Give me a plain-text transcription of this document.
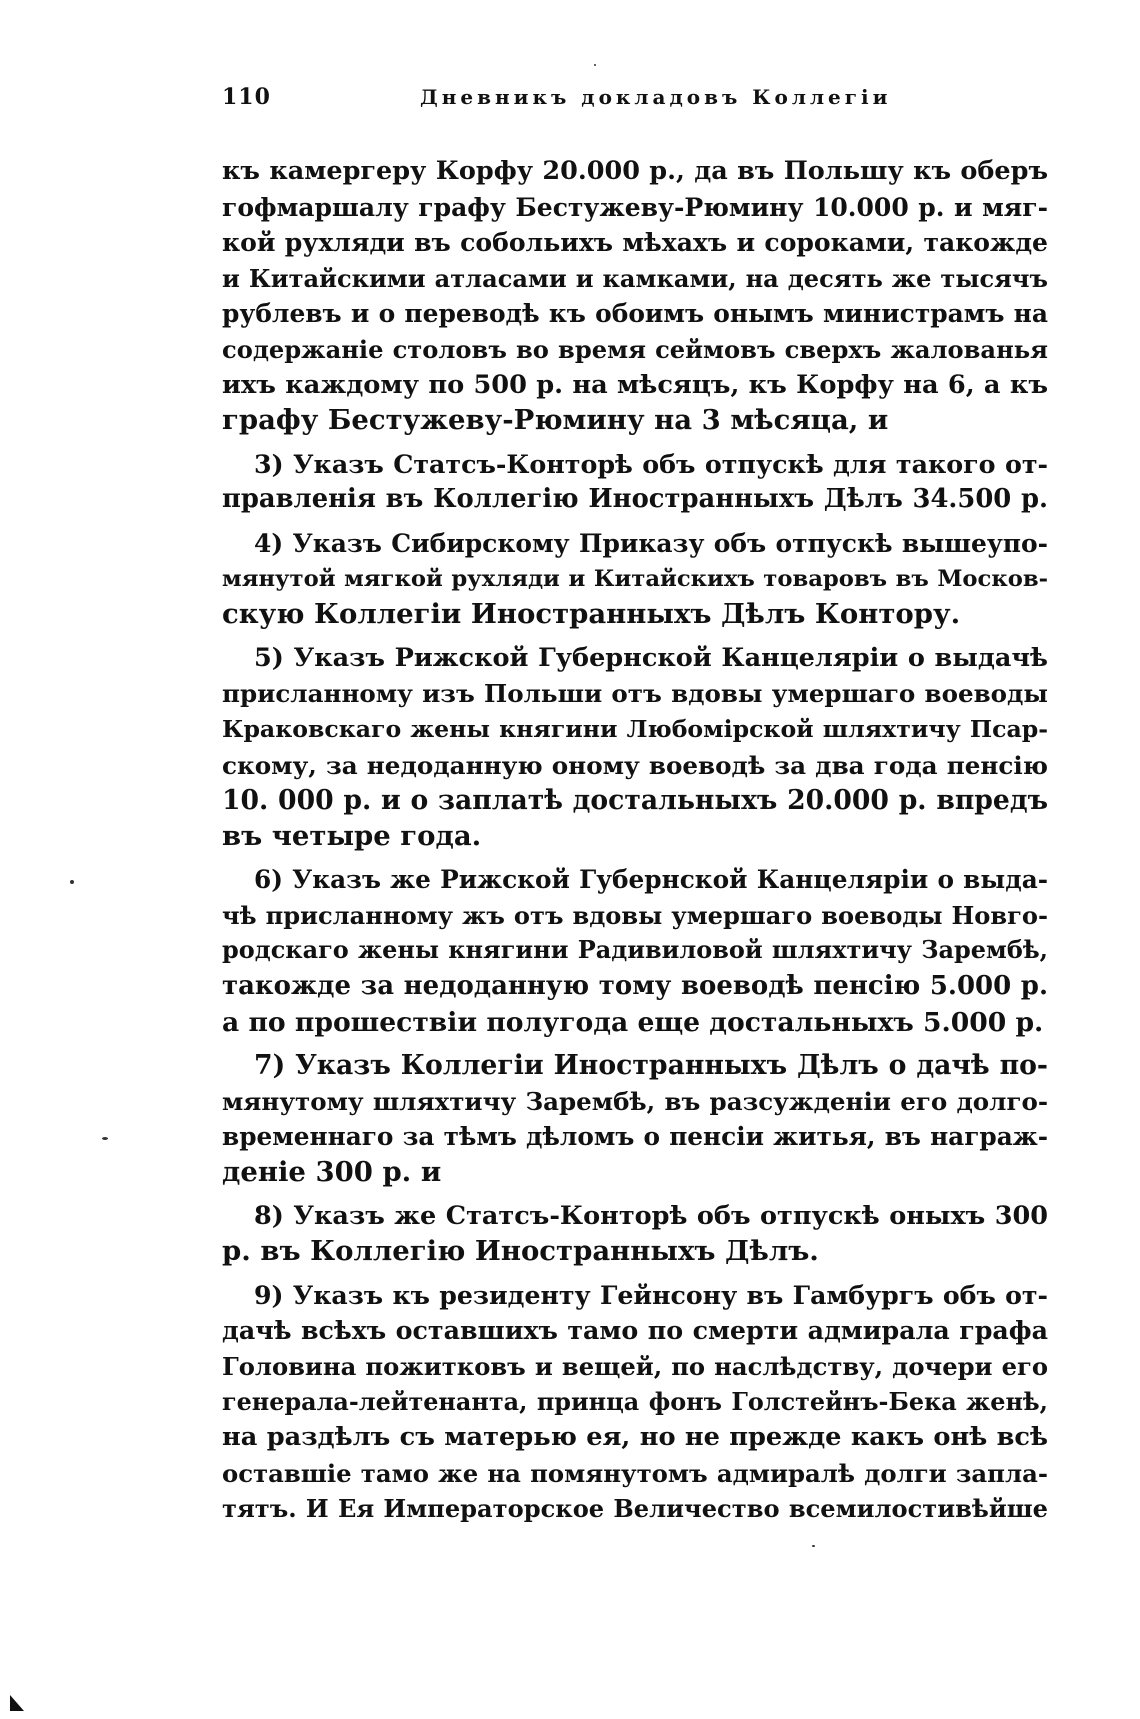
110	Дневникъ докладовъ Коллегіи

къ камергеру Корфу 20.000 р., да въ Польшу къ оберъ
гофмаршалу графу Бестужеву-Рюмину 10.000 р. и мяг-
кой рухляди въ собольихъ мѣхахъ и сороками, такожде
и Китайскими атласами и камками, на десять же тысячъ
рублевъ и о переводѣ къ обоимъ онымъ министрамъ на
содержаніе столовъ во время сеймовъ сверхъ жалованья
ихъ каждому по 500 р. на мѣсяцъ, къ Корфу на 6, а къ
графу Бестужеву-Рюмину на 3 мѣсяца, и

3) Указъ Статсъ-Конторѣ объ отпускѣ для такого от-
правленія въ Коллегію Иностранныхъ Дѣлъ 34.500 р.

4) Указъ Сибирскому Приказу объ отпускѣ вышеупо-
мянутой мягкой рухляди и Китайскихъ товаровъ въ Москов-
скую Коллегіи Иностранныхъ Дѣлъ Контору.

5) Указъ Рижской Губернской Канцеляріи о выдачѣ
присланному изъ Польши отъ вдовы умершаго воеводы
Краковскаго жены княгини Любомірской шляхтичу Псар-
скому, за недоданную оному воеводѣ за два года пенсію
10. 000 р. и о заплатѣ достальныхъ 20.000 р. впредъ
въ четыре года.

6) Указъ же Рижской Губернской Канцеляріи о выда-
чѣ присланному жъ отъ вдовы умершаго воеводы Новго-
родскаго жены княгини Радивиловой шляхтичу Зарембѣ,
такожде за недоданную тому воеводѣ пенсію 5.000 р.
а по прошествіи полугода еще достальныхъ 5.000 р.

7) Указъ Коллегіи Иностранныхъ Дѣлъ о дачѣ по-
мянутому шляхтичу Зарембѣ, въ разсужденіи его долго-
временнаго за тѣмъ дѣломъ о пенсіи житья, въ награж-
деніе 300 р. и

8) Указъ же Статсъ-Конторѣ объ отпускѣ оныхъ 300
р. въ Коллегію Иностранныхъ Дѣлъ.

9) Указъ къ резиденту Гейнсону въ Гамбургъ объ от-
дачѣ всѣхъ оставшихъ тамо по смерти адмирала графа
Головина пожитковъ и вещей, по наслѣдству, дочери его
генерала-лейтенанта, принца фонъ Голстейнъ-Бека женѣ,
на раздѣлъ съ матерью ея, но не прежде какъ онѣ всѣ
оставшіе тамо же на помянутомъ адмиралѣ долги запла-
тятъ. И Ея Императорское Величество всемилостивѣйше
